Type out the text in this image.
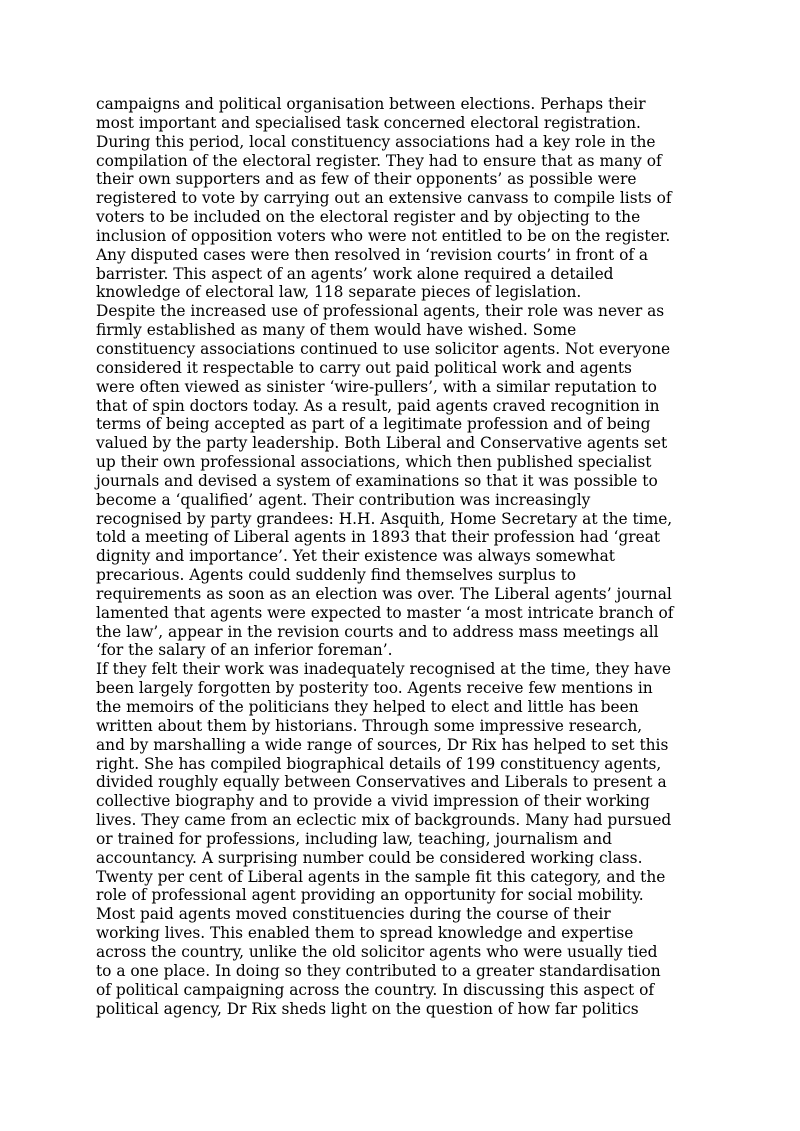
campaigns and political organisation between elections. Perhaps their
most important and specialised task concerned electoral registration.
During this period, local constituency associations had a key role in the
compilation of the electoral register. They had to ensure that as many of
their own supporters and as few of their opponents’ as possible were
registered to vote by carrying out an extensive canvass to compile lists of
voters to be included on the electoral register and by objecting to the
inclusion of opposition voters who were not entitled to be on the register.
Any disputed cases were then resolved in ‘revision courts’ in front of a
barrister. This aspect of an agents’ work alone required a detailed
knowledge of electoral law, 118 separate pieces of legislation.
Despite the increased use of professional agents, their role was never as
firmly established as many of them would have wished. Some
constituency associations continued to use solicitor agents. Not everyone
considered it respectable to carry out paid political work and agents
were often viewed as sinister ‘wire-pullers’, with a similar reputation to
that of spin doctors today. As a result, paid agents craved recognition in
terms of being accepted as part of a legitimate profession and of being
valued by the party leadership. Both Liberal and Conservative agents set
up their own professional associations, which then published specialist
journals and devised a system of examinations so that it was possible to
become a ‘qualified’ agent. Their contribution was increasingly
recognised by party grandees: H.H. Asquith, Home Secretary at the time,
told a meeting of Liberal agents in 1893 that their profession had ‘great
dignity and importance’. Yet their existence was always somewhat
precarious. Agents could suddenly find themselves surplus to
requirements as soon as an election was over. The Liberal agents’ journal
lamented that agents were expected to master ‘a most intricate branch of
the law’, appear in the revision courts and to address mass meetings all
‘for the salary of an inferior foreman’.
If they felt their work was inadequately recognised at the time, they have
been largely forgotten by posterity too. Agents receive few mentions in
the memoirs of the politicians they helped to elect and little has been
written about them by historians. Through some impressive research,
and by marshalling a wide range of sources, Dr Rix has helped to set this
right. She has compiled biographical details of 199 constituency agents,
divided roughly equally between Conservatives and Liberals to present a
collective biography and to provide a vivid impression of their working
lives. They came from an eclectic mix of backgrounds. Many had pursued
or trained for professions, including law, teaching, journalism and
accountancy. A surprising number could be considered working class.
Twenty per cent of Liberal agents in the sample fit this category, and the
role of professional agent providing an opportunity for social mobility.
Most paid agents moved constituencies during the course of their
working lives. This enabled them to spread knowledge and expertise
across the country, unlike the old solicitor agents who were usually tied
to a one place. In doing so they contributed to a greater standardisation
of political campaigning across the country. In discussing this aspect of
political agency, Dr Rix sheds light on the question of how far politics
